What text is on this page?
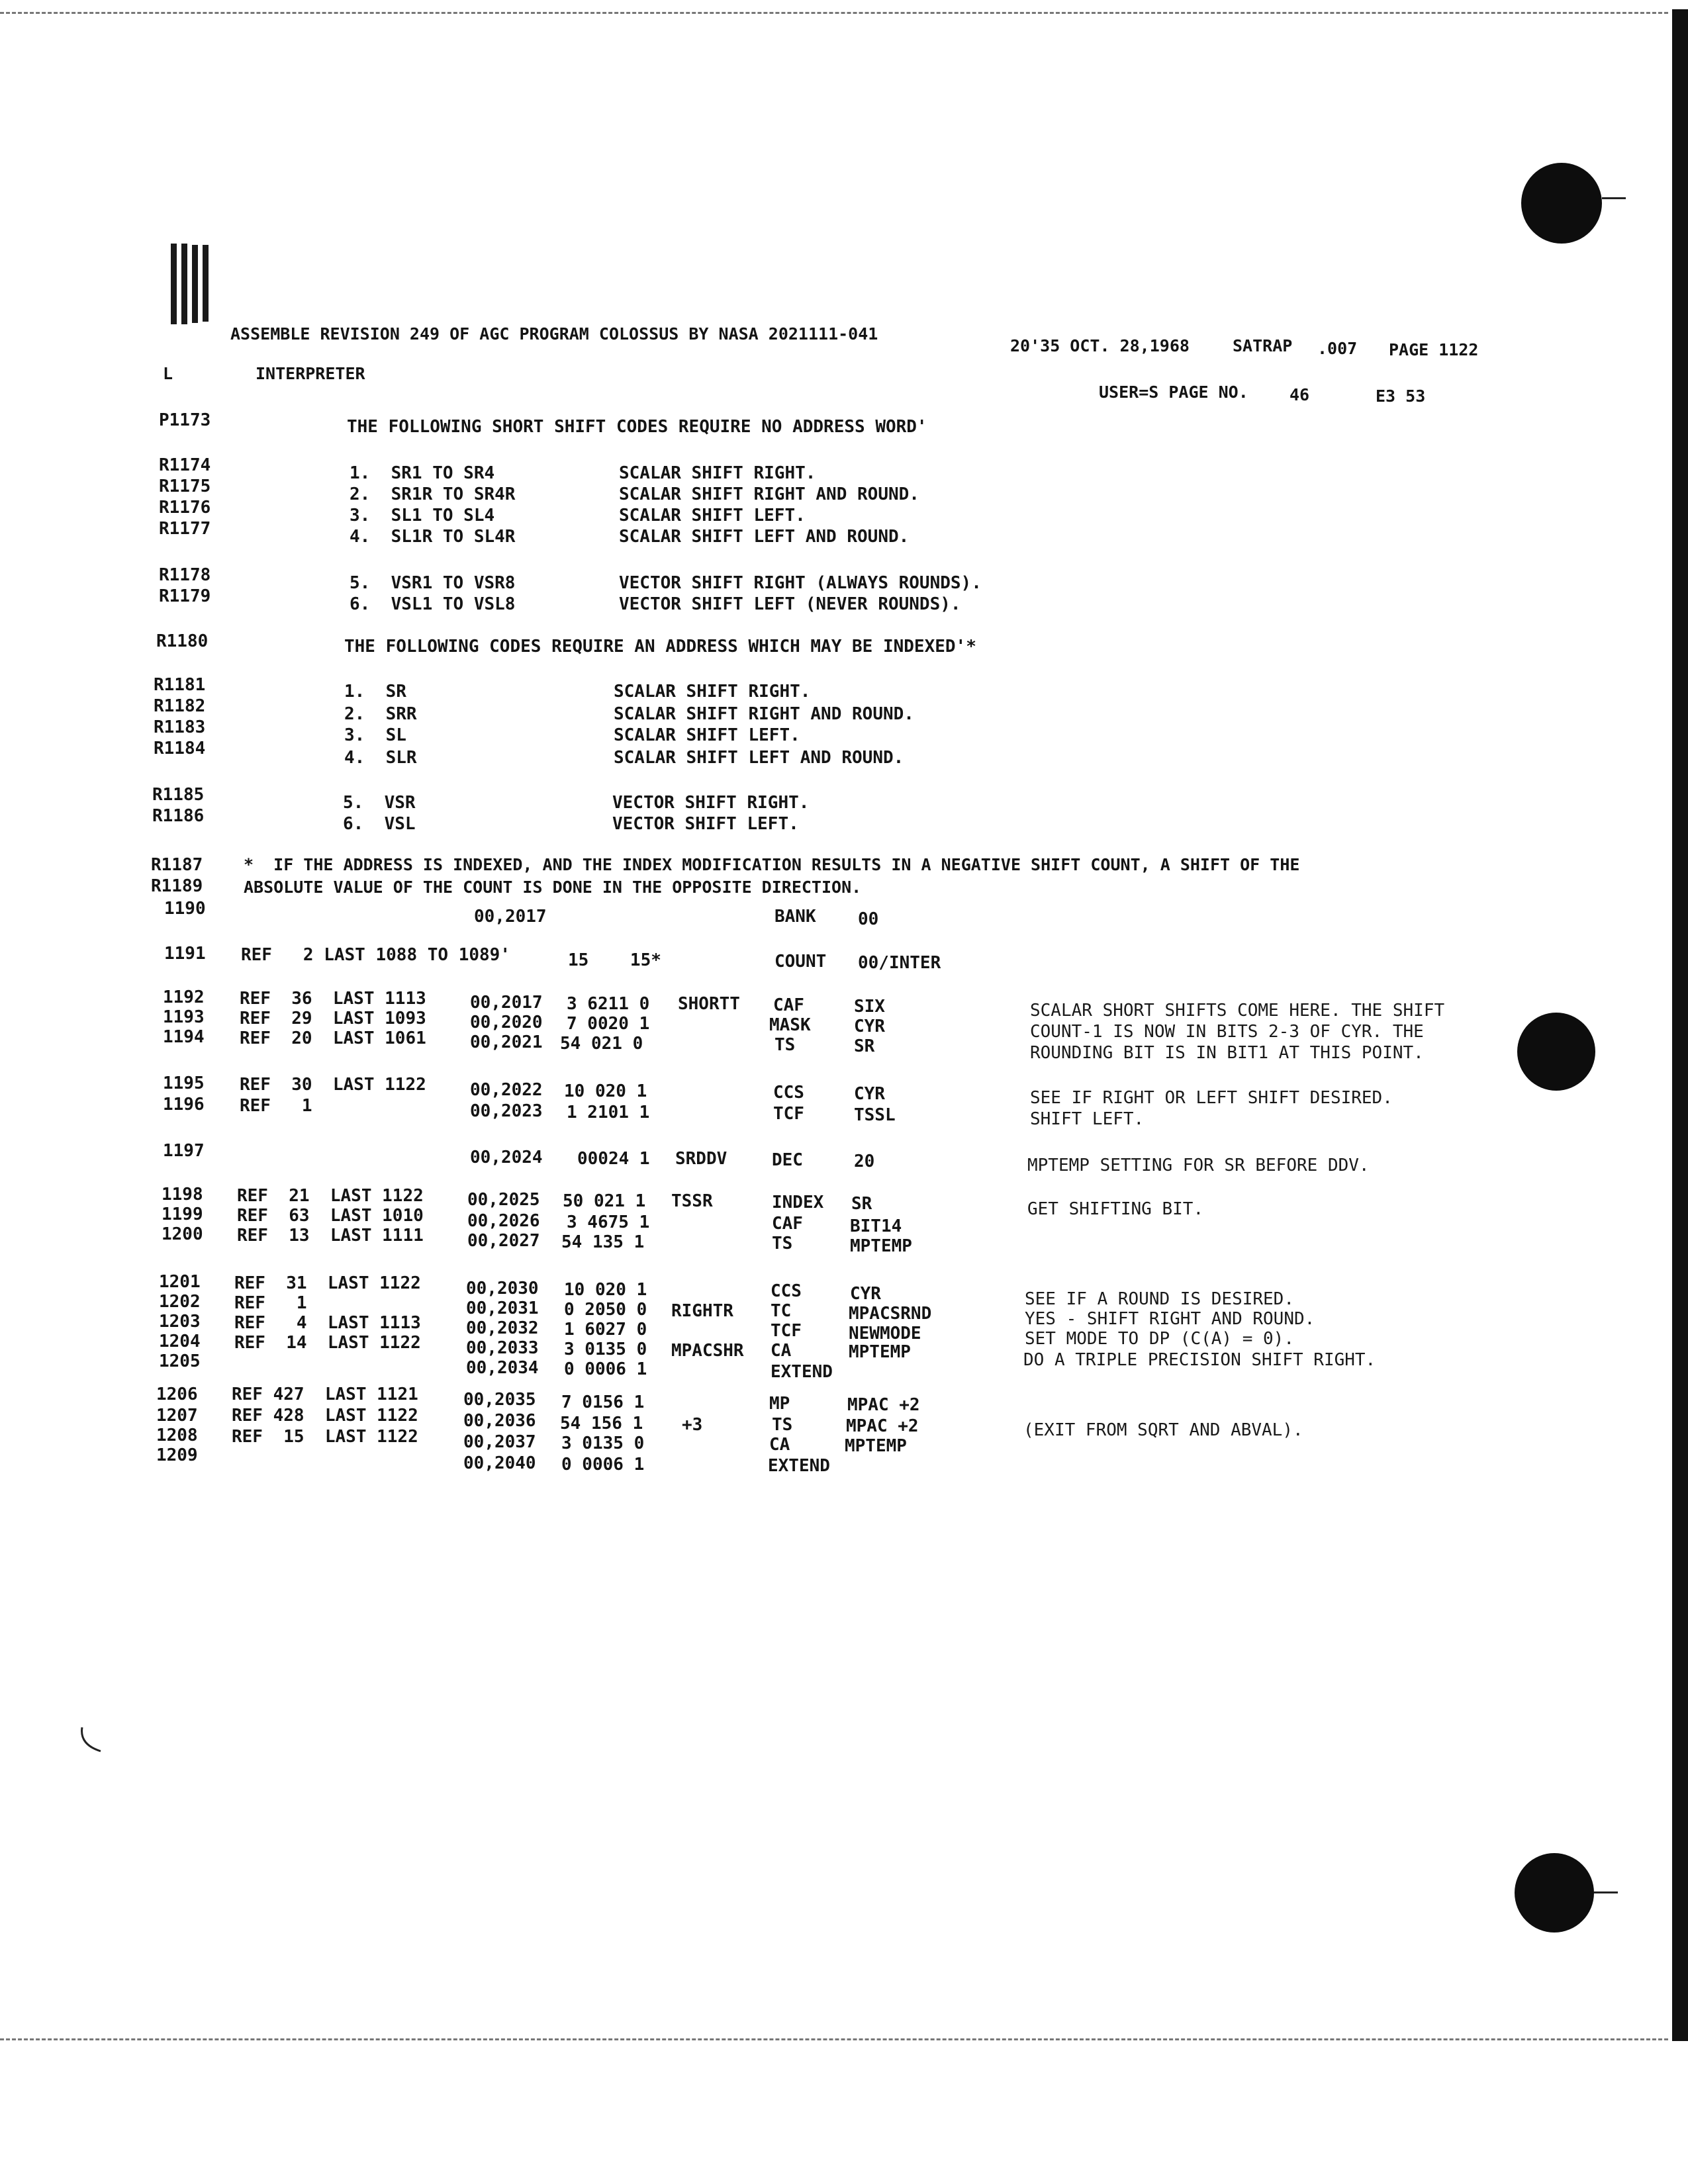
ASSEMBLE REVISION 249 OF AGC PROGRAM COLOSSUS BY NASA 2021111-041
20'35 OCT. 28,1968	SATRAP .007 PAGE 1122
L	INTERPRETER
USER=S PAGE NO. 46	E3 53
P1173	THE FOLLOWING SHORT SHIFT CODES REQUIRE NO ADDRESS WORD'
R1174	1.  SR1 TO SR4            SCALAR SHIFT RIGHT.
R1175	2.  SR1R TO SR4R          SCALAR SHIFT RIGHT AND ROUND.
R1176	3.  SL1 TO SL4            SCALAR SHIFT LEFT.
R1177	4.  SL1R TO SL4R          SCALAR SHIFT LEFT AND ROUND.
R1178	5.  VSR1 TO VSR8          VECTOR SHIFT RIGHT (ALWAYS ROUNDS).
R1179	6.  VSL1 TO VSL8          VECTOR SHIFT LEFT (NEVER ROUNDS).
R1180	THE FOLLOWING CODES REQUIRE AN ADDRESS WHICH MAY BE INDEXED'*
R1181	1.  SR                    SCALAR SHIFT RIGHT.
R1182	2.  SRR                   SCALAR SHIFT RIGHT AND ROUND.
R1183	3.  SL                    SCALAR SHIFT LEFT.
R1184	4.  SLR                   SCALAR SHIFT LEFT AND ROUND.
R1185	5.  VSR                   VECTOR SHIFT RIGHT.
R1186	6.  VSL                   VECTOR SHIFT LEFT.
R1187 *  IF THE ADDRESS IS INDEXED, AND THE INDEX MODIFICATION RESULTS IN A NEGATIVE SHIFT COUNT, A SHIFT OF THE
R1189 ABSOLUTE VALUE OF THE COUNT IS DONE IN THE OPPOSITE DIRECTION.
1190	00,2017	BANK 00
1191 REF   2 LAST 1088 TO 1089'	15    15*	COUNT 00/INTER
1192 REF  36  LAST 1113	00,2017 3 6211 0 SHORTT CAF	SIX	SCALAR SHORT SHIFTS COME HERE. THE SHIFT
1193 REF  29  LAST 1093	00,2020 7 0020 1	MASK	CYR	COUNT-1 IS NOW IN BITS 2-3 OF CYR. THE
1194 REF  20  LAST 1061	00,2021 54 021 0	TS	SR	ROUNDING BIT IS IN BIT1 AT THIS POINT.
1195 REF  30  LAST 1122	00,2022 10 020 1	CCS	CYR	SEE IF RIGHT OR LEFT SHIFT DESIRED.
1196 REF   1	00,2023 1 2101 1	TCF	TSSL	SHIFT LEFT.
1197	00,2024 00024 1 SRDDV	DEC	20	MPTEMP SETTING FOR SR BEFORE DDV.
1198 REF  21  LAST 1122	00,2025 50 021 1 TSSR	INDEX SR	GET SHIFTING BIT.
1199 REF  63  LAST 1010	00,2026 3 4675 1	CAF	BIT14
1200 REF  13  LAST 1111	00,2027 54 135 1	TS	MPTEMP
1201 REF  31  LAST 1122	00,2030 10 020 1	CCS	CYR	SEE IF A ROUND IS DESIRED.
1202 REF   1	00,2031 0 2050 0 RIGHTR TC	MPACSRND	YES - SHIFT RIGHT AND ROUND.
1203 REF   4  LAST 1113	00,2032 1 6027 0	TCF	NEWMODE	SET MODE TO DP (C(A) = 0).
1204 REF  14  LAST 1122	00,2033 3 0135 0 MPACSHR CA	MPTEMP	DO A TRIPLE PRECISION SHIFT RIGHT.
1205	00,2034 0 0006 1	EXTEND
1206 REF 427  LAST 1121	00,2035 7 0156 1	MP	MPAC +2
1207 REF 428  LAST 1122	00,2036 54 156 1 +3	TS	MPAC +2	(EXIT FROM SQRT AND ABVAL).
1208 REF  15  LAST 1122	00,2037 3 0135 0	CA	MPTEMP
1209	00,2040 0 0006 1	EXTEND
